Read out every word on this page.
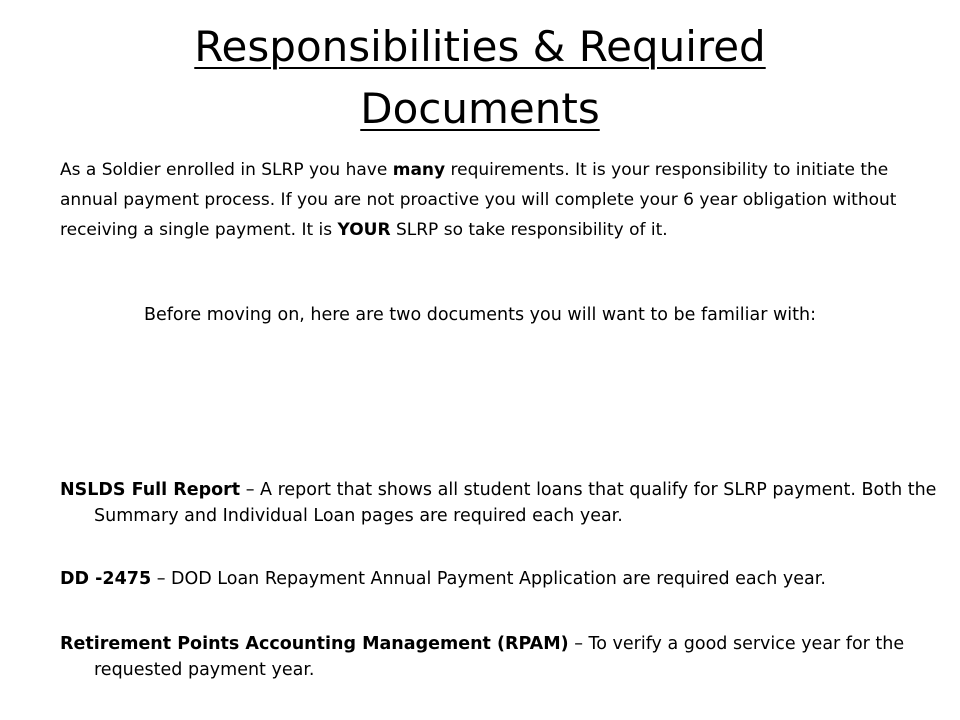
Responsibilities & Required
Documents

As a Soldier enrolled in SLRP you have many requirements. It is your responsibility to initiate the annual payment process. If you are not proactive you will complete your 6 year obligation without receiving a single payment. It is YOUR SLRP so take responsibility of it.

Before moving on, here are two documents you will want to be familiar with:

NSLDS Full Report – A report that shows all student loans that qualify for SLRP payment. Both the Summary and Individual Loan pages are required each year.

DD -2475 – DOD Loan Repayment Annual Payment Application are required each year.

Retirement Points Accounting Management (RPAM) – To verify a good service year for the requested payment year.
